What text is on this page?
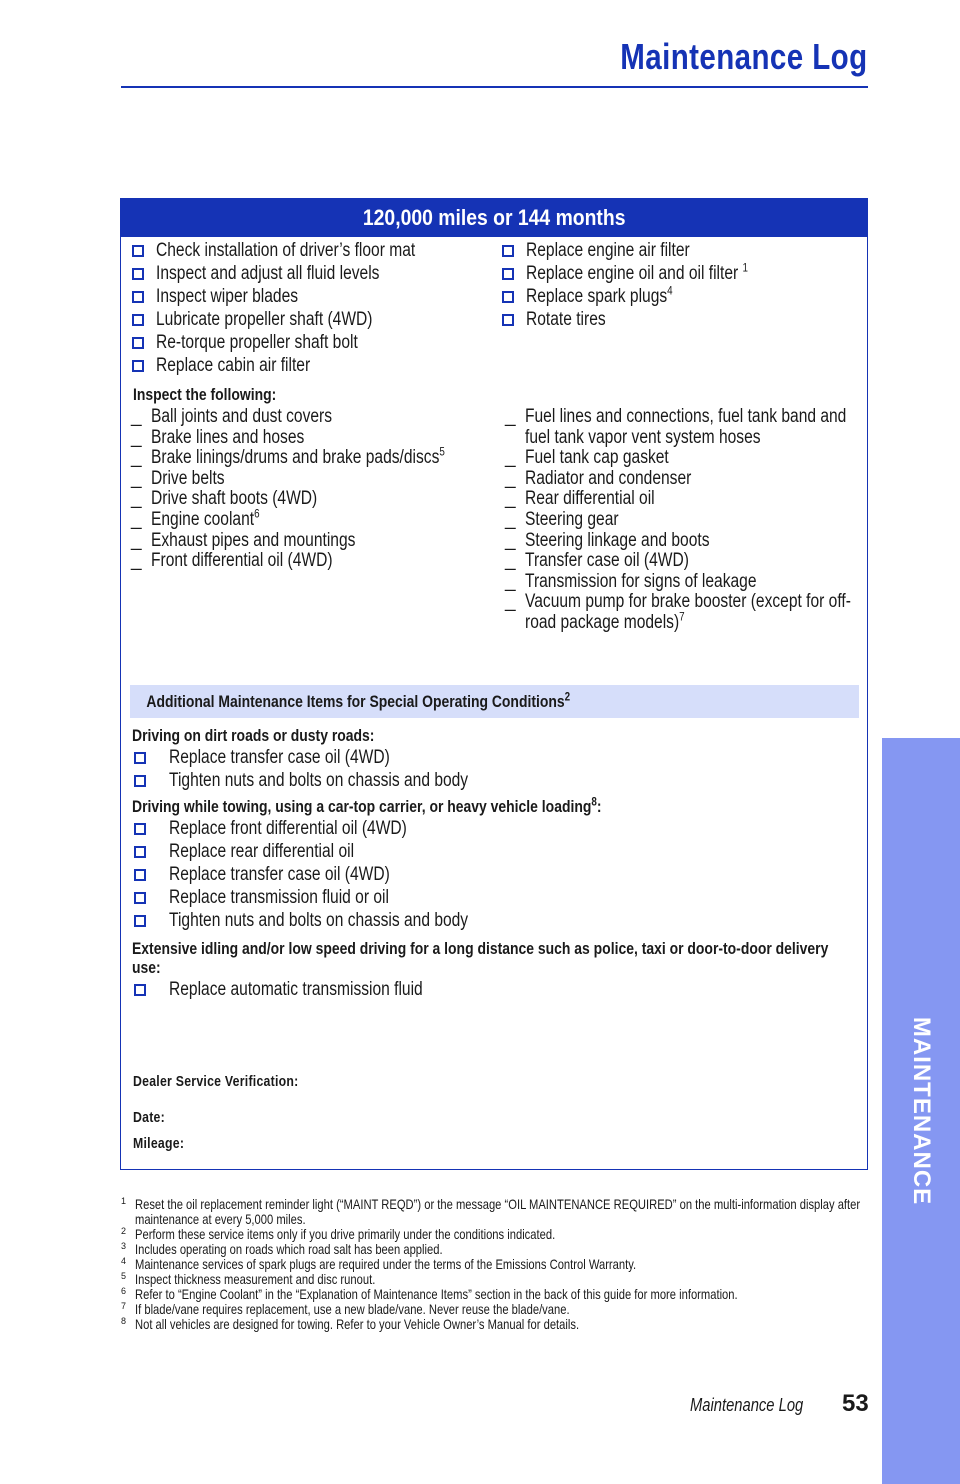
Maintenance Log
MAINTENANCE
120,000 miles or 144 months
Check installation of driver’s floor mat
Inspect and adjust all fluid levels
Inspect wiper blades
Lubricate propeller shaft (4WD)
Re-torque propeller shaft bolt
Replace cabin air filter
Replace engine air filter
Replace engine oil and oil filter $^1$
Replace spark plugs$^4$
Rotate tires
Inspect the following:
_ Ball joints and dust covers
_ Brake lines and hoses
_ Brake linings/drums and brake pads/discs$^5$
_ Drive belts
_ Drive shaft boots (4WD)
_ Engine coolant$^6$
_ Exhaust pipes and mountings
_ Front differential oil (4WD)
_ Fuel lines and connections, fuel tank band and fuel tank vapor vent system hoses
_ Fuel tank cap gasket
_ Radiator and condenser
_ Rear differential oil
_ Steering gear
_ Steering linkage and boots
_ Transfer case oil (4WD)
_ Transmission for signs of leakage
_ Vacuum pump for brake booster (except for off-road package models)$^7$
Additional Maintenance Items for Special Operating Conditions$^2$
Driving on dirt roads or dusty roads:
Replace transfer case oil (4WD)
Tighten nuts and bolts on chassis and body
Driving while towing, using a car-top carrier, or heavy vehicle loading$^8$:
Replace front differential oil (4WD)
Replace rear differential oil
Replace transfer case oil (4WD)
Replace transmission fluid or oil
Tighten nuts and bolts on chassis and body
Extensive idling and/or low speed driving for a long distance such as police, taxi or door-to-door delivery use:
Replace automatic transmission fluid
Dealer Service Verification:
Date:
Mileage:
1 Reset the oil replacement reminder light (“MAINT REQD”) or the message “OIL MAINTENANCE REQUIRED” on the multi-information display after maintenance at every 5,000 miles.
2 Perform these service items only if you drive primarily under the conditions indicated.
3 Includes operating on roads which road salt has been applied.
4 Maintenance services of spark plugs are required under the terms of the Emissions Control Warranty.
5 Inspect thickness measurement and disc runout.
6 Refer to “Engine Coolant” in the “Explanation of Maintenance Items” section in the back of this guide for more information.
7 If blade/vane requires replacement, use a new blade/vane. Never reuse the blade/vane.
8 Not all vehicles are designed for towing. Refer to your Vehicle Owner’s Manual for details.
Maintenance Log 53
